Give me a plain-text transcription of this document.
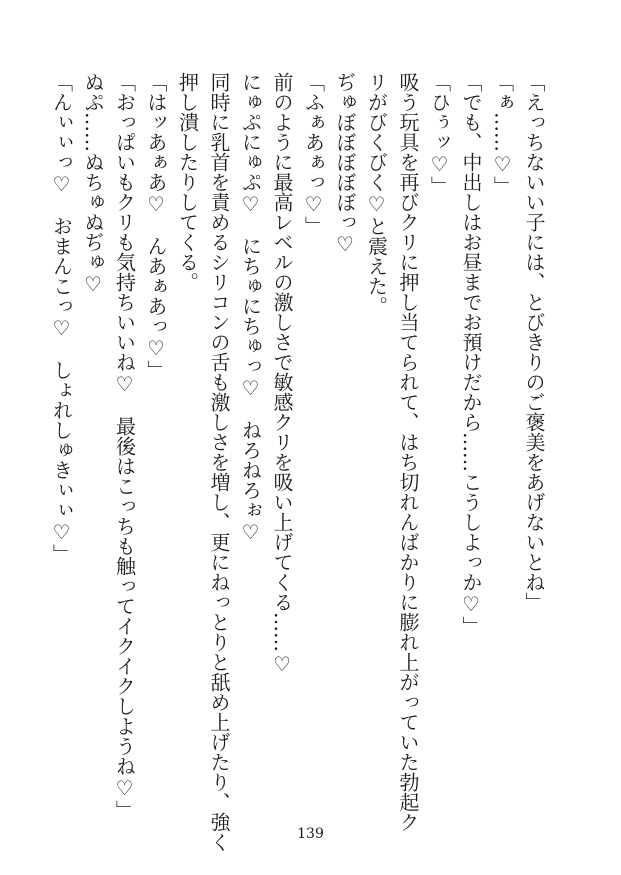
「えっちないい子には、とびきりのご褒美をあげないとね」

「ぁ……♡」

「でも、中出しはお昼までお預けだから……こうしよっか♡」

「ひぅッ♡」

吸う玩具を再びクリに押し当てられて、はち切れんばかりに膨れ上がっていた勃起ク

リがびくびく♡と震えた。

ぢゅぼぼぼぼぼっ♡

「ふぁあぁっ♡」

前のように最高レベルの激しさで敏感クリを吸い上げてくる……♡

にゅぷにゅぷ♡　にちゅにちゅっ♡　ねろねろぉ♡

同時に乳首を責めるシリコンの舌も激しさを増し、更にねっとりと舐め上げたり、強く

押し潰したりしてくる。

「はッあぁあ♡　んあぁあっ♡」

「おっぱいもクリも気持ちいいね♡　最後はこっちも触ってイクイクしようね♡」

ぬぷ……ぬちゅぬぢゅ♡

「んぃぃっ♡　おまんこっ♡　しょれしゅきぃぃ♡」

139
